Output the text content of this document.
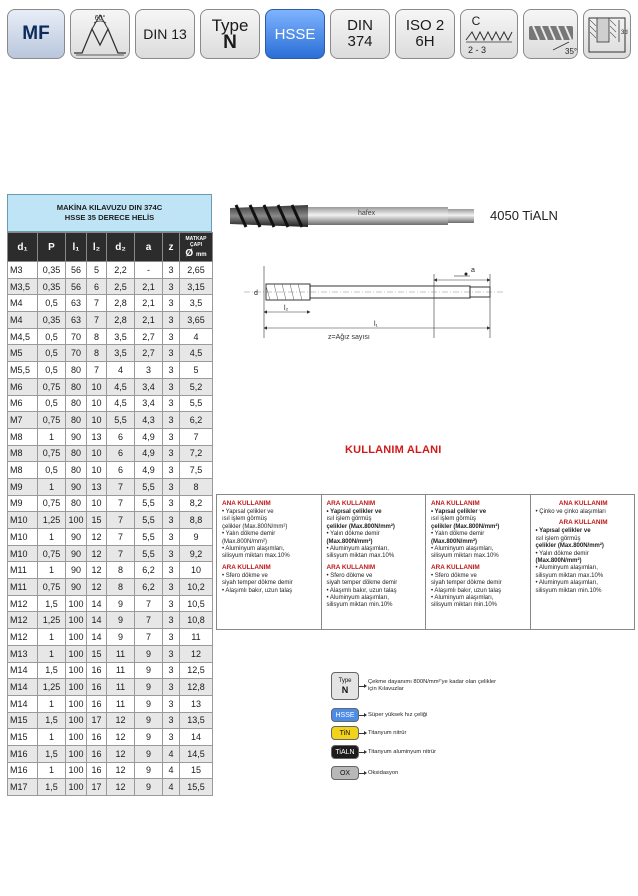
MF
60°
DIN 13 Type
N	HSSE DIN
374
ISO 2
6H
C
2 - 3	35°
3d
MAKİNA KILAVUZU DIN 374C
HSSE 35 DERECE HELİS
d₁	P	l₁	l₂	d₂	a	z	MATKAP ÇAPI
Ø mm
M3	0,35	56	5	2,2	-	3	2,65
M3,5	0,35	56	6	2,5	2,1	3	3,15
M4	0,5	63	7	2,8	2,1	3	3,5
M4	0,35	63	7	2,8	2,1	3	3,65
M4,5	0,5	70	8	3,5	2,7	3	4
M5	0,5	70	8	3,5	2,7	3	4,5
M5,5	0,5	80	7	4	3	3	5
M6	0,75	80	10	4,5	3,4	3	5,2
M6	0,5	80	10	4,5	3,4	3	5,5
M7	0,75	80	10	5,5	4,3	3	6,2
M8	1	90	13	6	4,9	3	7
M8	0,75	80	10	6	4,9	3	7,2
M8	0,5	80	10	6	4,9	3	7,5
M9	1	90	13	7	5,5	3	8
M9	0,75	80	10	7	5,5	3	8,2
M10	1,25	100	15	7	5,5	3	8,8
M10	1	90	12	7	5,5	3	9
M10	0,75	90	12	7	5,5	3	9,2
M11	1	90	12	8	6,2	3	10
M11	0,75	90	12	8	6,2	3	10,2
M12	1,5	100	14	9	7	3	10,5
M12	1,25	100	14	9	7	3	10,8
M12	1	100	14	9	7	3	11
M13	1	100	15	11	9	3	12
M14	1,5	100	16	11	9	3	12,5
M14	1,25	100	16	11	9	3	12,8
M14	1	100	16	11	9	3	13
M15	1,5	100	17	12	9	3	13,5
M15	1	100	16	12	9	3	14
M16	1,5	100	16	12	9	4	14,5
M16	1	100	16	12	9	4	15
M17	1,5	100	17	12	9	4	15,5
hafex	4050 TiALN
d
l₂
l₁
a
z=Ağız sayısı
KULLANIM ALANI
ANA KULLANIM
• Yapısal çelikler ve
ısıl işlem görmüş
çelikler (Max.800N/mm²)
• Yalın dökme demir
(Max.800N/mm²)
• Aluminyum alaşımları,
silisyum miktarı max.10%
ARA KULLANIM
• Sfero dökme ve
siyah temper dökme demir
• Alaşımlı bakır, uzun talaş
ARA KULLANIM
• Yapısal çelikler ve
ısıl işlem görmüş
çelikler (Max.800N/mm²)
• Yalın dökme demir
(Max.800N/mm²)
• Aluminyum alaşımları,
silisyum miktarı max.10%
ARA KULLANIM
• Sfero dökme ve
siyah temper dökme demir
• Alaşımlı bakır, uzun talaş
• Aluminyum alaşımları,
silisyum miktarı min.10%
ANA KULLANIM
• Yapısal çelikler ve
ısıl işlem görmüş
çelikler (Max.800N/mm²)
• Yalın dökme demir
(Max.800N/mm²)
• Aluminyum alaşımları,
silisyum miktarı max.10%
ARA KULLANIM
• Sfero dökme ve
siyah temper dökme demir
• Alaşımlı bakır, uzun talaş
• Aluminyum alaşımları,
silisyum miktarı min.10%
ANA KULLANIM
• Çinko ve çinko alaşımları
ARA KULLANIM
• Yapısal çelikler ve
ısıl işlem görmüş
çelikler (Max.800N/mm²)
• Yalın dökme demir
(Max.800N/mm²)
• Aluminyum alaşımları,
silisyum miktarı max.10%
• Aluminyum alaşımları,
silisyum miktarı min.10%
Type
N
Çekme dayanımı 800N/mm²'ye kadar olan çelikler için Kılavuzlar
HSSE	Süper yüksek hız çeliği
TiN	Titanyum nitrür
TiALN	Titanyum aluminyum nitrür
OX	Oksidasyon
